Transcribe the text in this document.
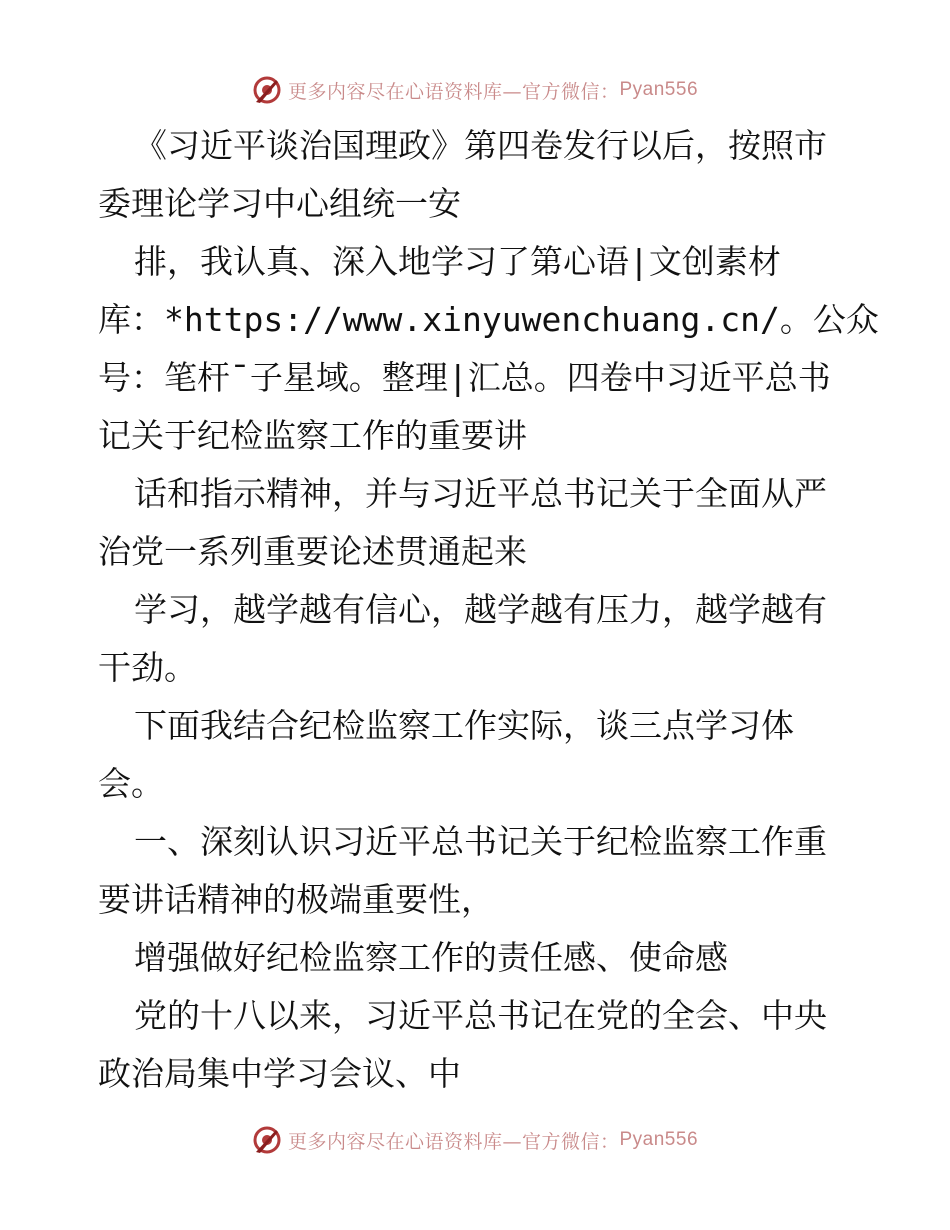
更多内容尽在心语资料库—官方微信： Pyan556
《习近平谈治国理政》第四卷发行以后，按照市
委理论学习中心组统一安
排，我认真、深入地学习了第心语|文创素材
库：*https://www.xinyuwenchuang.cn/。公众
号：笔杆¯子星域。整理|汇总。四卷中习近平总书
记关于纪检监察工作的重要讲
话和指示精神，并与习近平总书记关于全面从严
治党一系列重要论述贯通起来
学习，越学越有信心，越学越有压力，越学越有
干劲。
下面我结合纪检监察工作实际，谈三点学习体
会。
一、深刻认识习近平总书记关于纪检监察工作重
要讲话精神的极端重要性，
增强做好纪检监察工作的责任感、使命感
党的十八以来，习近平总书记在党的全会、中央
政治局集中学习会议、中
更多内容尽在心语资料库—官方微信： Pyan556
